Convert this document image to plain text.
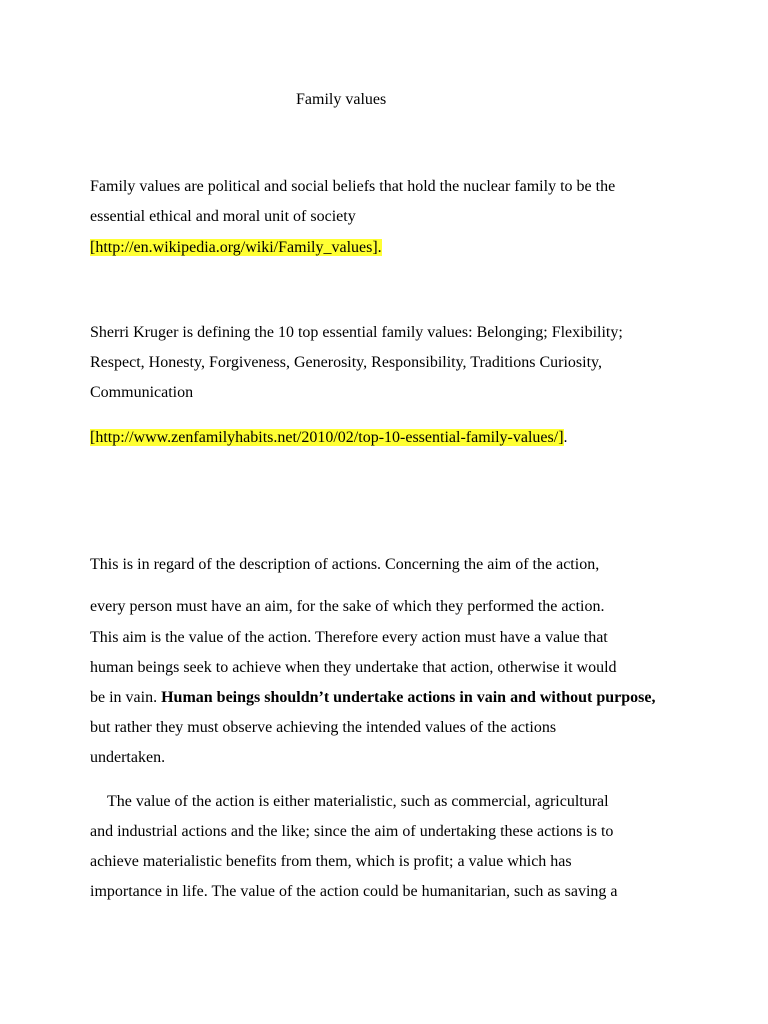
Family values

Family values are political and social beliefs that hold the nuclear family to be the

essential ethical and moral unit of society

[http://en.wikipedia.org/wiki/Family_values].

Sherri Kruger is defining the 10 top essential family values: Belonging; Flexibility;

Respect, Honesty, Forgiveness, Generosity, Responsibility, Traditions Curiosity,

Communication

[http://www.zenfamilyhabits.net/2010/02/top-10-essential-family-values/].

This is in regard of the description of actions. Concerning the aim of the action,

every person must have an aim, for the sake of which they performed the action.

This aim is the value of the action. Therefore every action must have a value that

human beings seek to achieve when they undertake that action, otherwise it would

be in vain. Human beings shouldn’t undertake actions in vain and without purpose,

but rather they must observe achieving the intended values of the actions

undertaken.

The value of the action is either materialistic, such as commercial, agricultural

and industrial actions and the like; since the aim of undertaking these actions is to

achieve materialistic benefits from them, which is profit; a value which has

importance in life. The value of the action could be humanitarian, such as saving a
